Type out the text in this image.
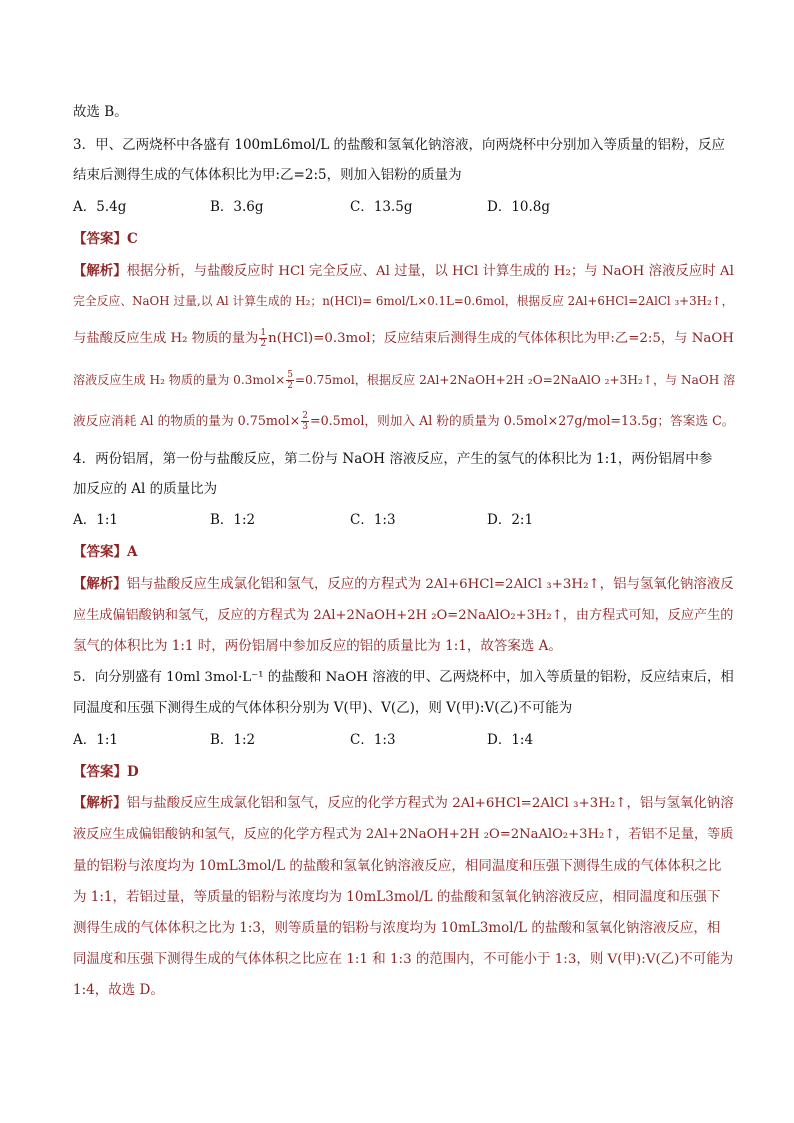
故选 B。
3．甲、乙两烧杯中各盛有 100mL6mol/L 的盐酸和氢氧化钠溶液，向两烧杯中分别加入等质量的铝粉，反应
结束后测得生成的气体体积比为甲:乙=2:5，则加入铝粉的质量为
A．5.4g	B．3.6g	C．13.5g	D．10.8g
【答案】C
【解析】根据分析，与盐酸反应时 HCl 完全反应、Al 过量，以 HCl 计算生成的 H₂；与 NaOH 溶液反应时 Al
完全反应、NaOH 过量,以 Al 计算生成的 H₂；n(HCl)= 6mol/L×0.1L=0.6mol，根据反应 2Al+6HCl=2AlCl ₃+3H₂↑，
与盐酸反应生成 H₂ 物质的量为 $\frac{1}{2} n(HCl)=0.3mol$；反应结束后测得生成的气体体积比为甲:乙=2:5，与 NaOH
溶液反应生成 H₂ 物质的量为 $0.3mol\times \frac{5}{2} =0.75mol$，根据反应 2Al+2NaOH+2H ₂O=2NaAlO ₂+3H₂↑，与 NaOH 溶
液反应消耗 Al 的物质的量为 $0.75mol\times \frac{2}{3} =0.5mol$，则加入 Al 粉的质量为 0.5mol×27g/mol=13.5g；答案选 C。
4．两份铝屑，第一份与盐酸反应，第二份与 NaOH 溶液反应，产生的氢气的体积比为 1:1，两份铝屑中参
加反应的 Al 的质量比为
A．1:1	B．1:2	C．1:3	D．2:1
【答案】A
【解析】铝与盐酸反应生成氯化铝和氢气，反应的方程式为 2Al+6HCl=2AlCl ₃+3H₂↑，铝与氢氧化钠溶液反
应生成偏铝酸钠和氢气，反应的方程式为 2Al+2NaOH+2H ₂O=2NaAlO₂+3H₂↑，由方程式可知，反应产生的
氢气的体积比为 1:1 时，两份铝屑中参加反应的铝的质量比为 1:1，故答案选 A。
5．向分别盛有 10ml 3mol·L⁻¹ 的盐酸和 NaOH 溶液的甲、乙两烧杯中，加入等质量的铝粉，反应结束后，相
同温度和压强下测得生成的气体体积分别为 V(甲)、V(乙)，则 V(甲):V(乙)不可能为
A．1:1	B．1:2	C．1:3	D．1:4
【答案】D
【解析】铝与盐酸反应生成氯化铝和氢气，反应的化学方程式为 2Al+6HCl=2AlCl ₃+3H₂↑，铝与氢氧化钠溶
液反应生成偏铝酸钠和氢气，反应的化学方程式为 2Al+2NaOH+2H ₂O=2NaAlO₂+3H₂↑，若铝不足量，等质
量的铝粉与浓度均为 10mL3mol/L 的盐酸和氢氧化钠溶液反应，相同温度和压强下测得生成的气体体积之比
为 1:1，若铝过量，等质量的铝粉与浓度均为 10mL3mol/L 的盐酸和氢氧化钠溶液反应，相同温度和压强下
测得生成的气体体积之比为 1:3，则等质量的铝粉与浓度均为 10mL3mol/L 的盐酸和氢氧化钠溶液反应，相
同温度和压强下测得生成的气体体积之比应在 1:1 和 1:3 的范围内，不可能小于 1:3，则 V(甲):V(乙)不可能为
1:4，故选 D。
